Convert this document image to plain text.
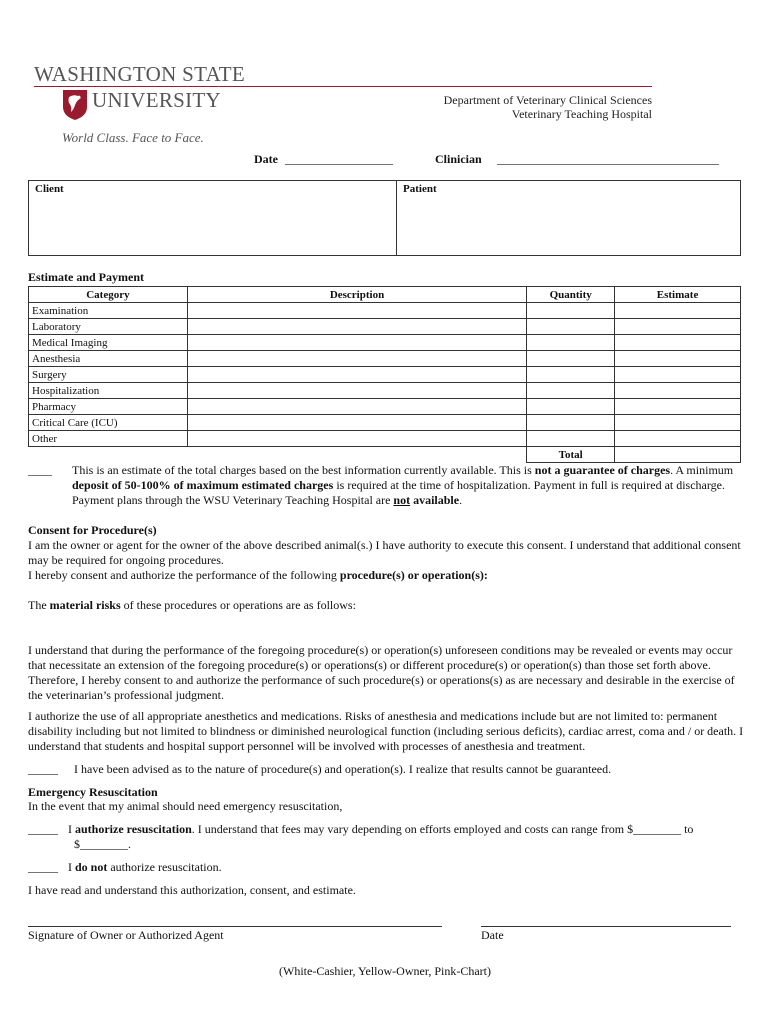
WASHINGTON STATE
UNIVERSITY
World Class. Face to Face.
Department of Veterinary Clinical Sciences
Veterinary Teaching Hospital
Date __________________	Clinician _____________________________________
Client	Patient
Estimate and Payment
Category	Description	Quantity	Estimate
Examination			
Laboratory			
Medical Imaging			
Anesthesia			
Surgery			
Hospitalization			
Pharmacy			
Critical Care (ICU)			
Other			
		Total	
____ This is an estimate of the total charges based on the best information currently available. This is not a guarantee of charges. A minimum deposit of 50-100% of maximum estimated charges is required at the time of hospitalization. Payment in full is required at discharge. Payment plans through the WSU Veterinary Teaching Hospital are not available.
Consent for Procedure(s)
I am the owner or agent for the owner of the above described animal(s.) I have authority to execute this consent. I understand that additional consent may be required for ongoing procedures.
I hereby consent and authorize the performance of the following procedure(s) or operation(s):
The material risks of these procedures or operations are as follows:
I understand that during the performance of the foregoing procedure(s) or operation(s) unforeseen conditions may be revealed or events may occur that necessitate an extension of the foregoing procedure(s) or operations(s) or different procedure(s) or operation(s) than those set forth above. Therefore, I hereby consent to and authorize the performance of such procedure(s) or operations(s) as are necessary and desirable in the exercise of the veterinarian’s professional judgment.
I authorize the use of all appropriate anesthetics and medications. Risks of anesthesia and medications include but are not limited to: permanent disability including but not limited to blindness or diminished neurological function (including serious deficits), cardiac arrest, coma and / or death. I understand that students and hospital support personnel will be involved with processes of anesthesia and treatment.
_____ I have been advised as to the nature of procedure(s) and operation(s). I realize that results cannot be guaranteed.
Emergency Resuscitation
In the event that my animal should need emergency resuscitation,
_____ I authorize resuscitation. I understand that fees may vary depending on efforts employed and costs can range from $________ to
$________.
_____ I do not authorize resuscitation.
I have read and understand this authorization, consent, and estimate.
Signature of Owner or Authorized Agent	Date
(White-Cashier, Yellow-Owner, Pink-Chart)
